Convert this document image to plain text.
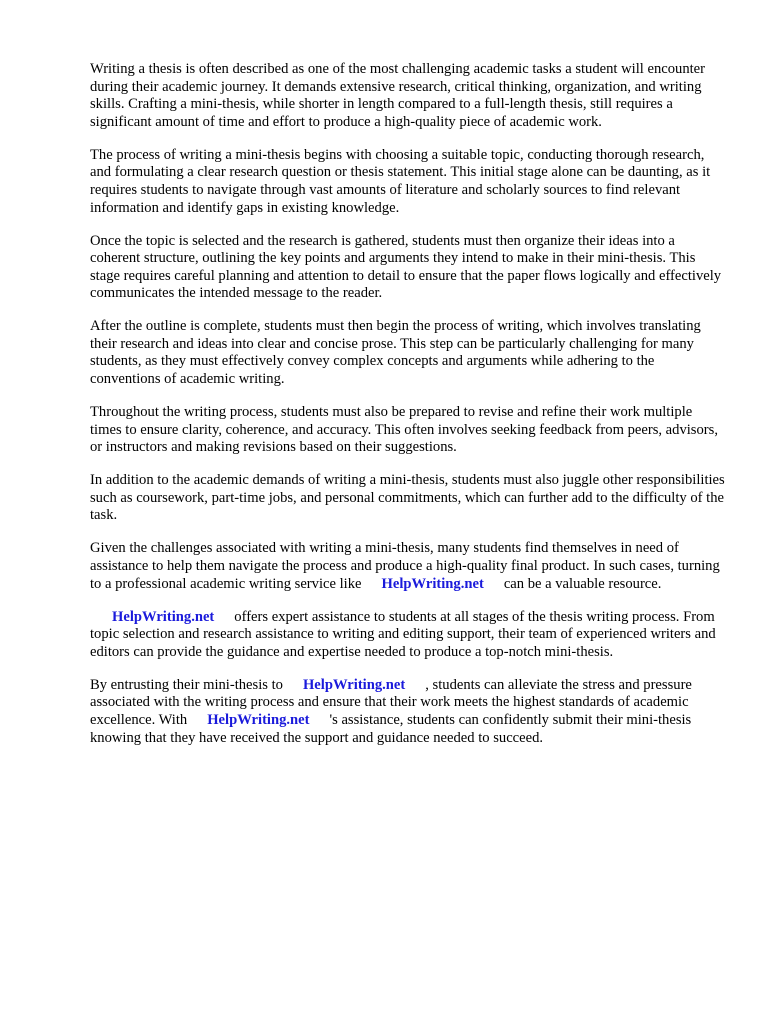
Writing a thesis is often described as one of the most challenging academic tasks a student will encounter during their academic journey. It demands extensive research, critical thinking, organization, and writing skills. Crafting a mini-thesis, while shorter in length compared to a full-length thesis, still requires a significant amount of time and effort to produce a high-quality piece of academic work.

The process of writing a mini-thesis begins with choosing a suitable topic, conducting thorough research, and formulating a clear research question or thesis statement. This initial stage alone can be daunting, as it requires students to navigate through vast amounts of literature and scholarly sources to find relevant information and identify gaps in existing knowledge.

Once the topic is selected and the research is gathered, students must then organize their ideas into a coherent structure, outlining the key points and arguments they intend to make in their mini-thesis. This stage requires careful planning and attention to detail to ensure that the paper flows logically and effectively communicates the intended message to the reader.

After the outline is complete, students must then begin the process of writing, which involves translating their research and ideas into clear and concise prose. This step can be particularly challenging for many students, as they must effectively convey complex concepts and arguments while adhering to the conventions of academic writing.

Throughout the writing process, students must also be prepared to revise and refine their work multiple times to ensure clarity, coherence, and accuracy. This often involves seeking feedback from peers, advisors, or instructors and making revisions based on their suggestions.

In addition to the academic demands of writing a mini-thesis, students must also juggle other responsibilities such as coursework, part-time jobs, and personal commitments, which can further add to the difficulty of the task.

Given the challenges associated with writing a mini-thesis, many students find themselves in need of assistance to help them navigate the process and produce a high-quality final product. In such cases, turning to a professional academic writing service like HelpWriting.net can be a valuable resource.

HelpWriting.net offers expert assistance to students at all stages of the thesis writing process. From topic selection and research assistance to writing and editing support, their team of experienced writers and editors can provide the guidance and expertise needed to produce a top-notch mini-thesis.

By entrusting their mini-thesis to HelpWriting.net , students can alleviate the stress and pressure associated with the writing process and ensure that their work meets the highest standards of academic excellence. With HelpWriting.net 's assistance, students can confidently submit their mini-thesis knowing that they have received the support and guidance needed to succeed.
